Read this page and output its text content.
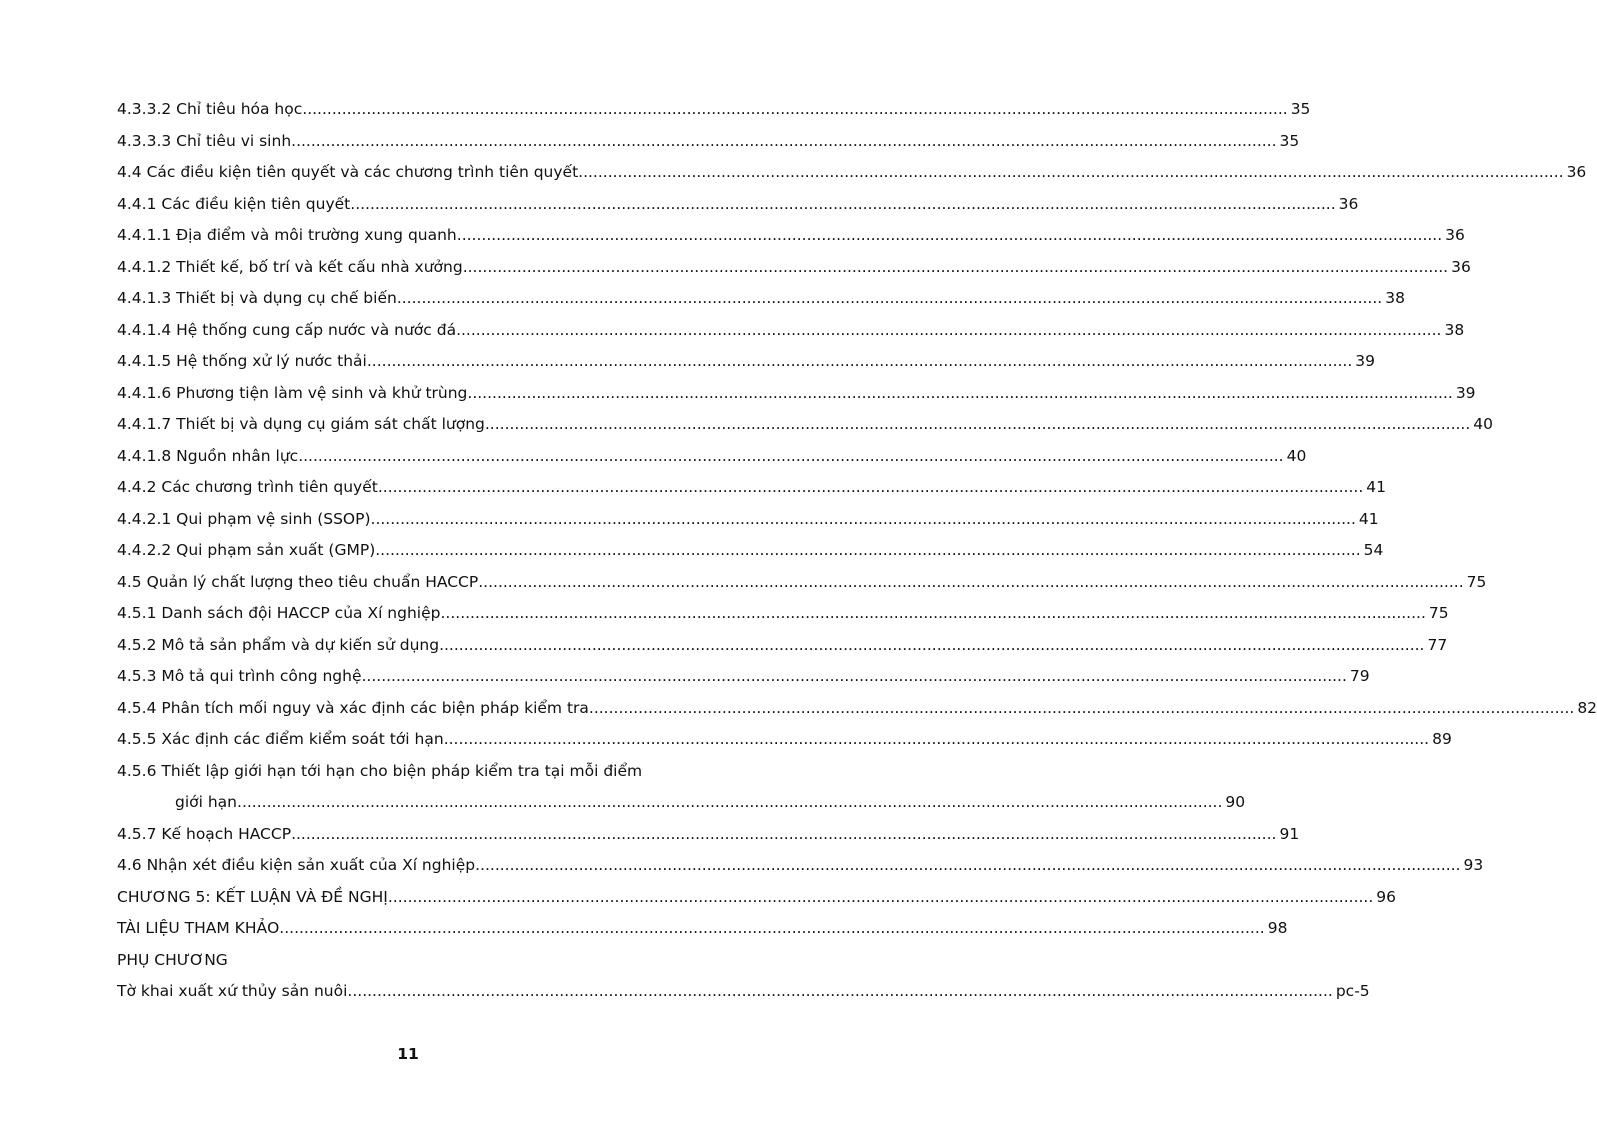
4.3.3.2 Chỉ tiêu hóa học ........................................................................................................................................................................................................ 35
4.3.3.3 Chỉ tiêu vi sinh ........................................................................................................................................................................................................ 35
4.4 Các điều kiện tiên quyết và các chương trình tiên quyết ........................................................................................................................................................................................................ 36
4.4.1 Các điều kiện tiên quyết ........................................................................................................................................................................................................ 36
4.4.1.1 Địa điểm và môi trường xung quanh ........................................................................................................................................................................................................ 36
4.4.1.2 Thiết kế, bố trí và kết cấu nhà xưởng ........................................................................................................................................................................................................ 36
4.4.1.3 Thiết bị và dụng cụ chế biến ........................................................................................................................................................................................................ 38
4.4.1.4 Hệ thống cung cấp nước và nước đá ........................................................................................................................................................................................................ 38
4.4.1.5 Hệ thống xử lý nước thải ........................................................................................................................................................................................................ 39
4.4.1.6 Phương tiện làm vệ sinh và khử trùng ........................................................................................................................................................................................................ 39
4.4.1.7 Thiết bị và dụng cụ giám sát chất lượng ........................................................................................................................................................................................................ 40
4.4.1.8 Nguồn nhân lực ........................................................................................................................................................................................................ 40
4.4.2 Các chương trình tiên quyết ........................................................................................................................................................................................................ 41
4.4.2.1 Qui phạm vệ sinh (SSOP) ........................................................................................................................................................................................................ 41
4.4.2.2 Qui phạm sản xuất (GMP) ........................................................................................................................................................................................................ 54
4.5 Quản lý chất lượng theo tiêu chuẩn HACCP ........................................................................................................................................................................................................ 75
4.5.1 Danh sách đội HACCP của Xí nghiệp ........................................................................................................................................................................................................ 75
4.5.2 Mô tả sản phẩm và dự kiến sử dụng ........................................................................................................................................................................................................ 77
4.5.3 Mô tả qui trình công nghệ ........................................................................................................................................................................................................ 79
4.5.4 Phân tích mối nguy và xác định các biện pháp kiểm tra ........................................................................................................................................................................................................ 82
4.5.5 Xác định các điểm kiểm soát tới hạn ........................................................................................................................................................................................................ 89
4.5.6 Thiết lập giới hạn tới hạn cho biện pháp kiểm tra tại mỗi điểm
giới hạn ........................................................................................................................................................................................................ 90
4.5.7 Kế hoạch HACCP ........................................................................................................................................................................................................ 91
4.6 Nhận xét điều kiện sản xuất của Xí nghiệp ........................................................................................................................................................................................................ 93
CHƯƠNG 5: KẾT LUẬN VÀ ĐỀ NGHỊ ........................................................................................................................................................................................................ 96
TÀI LIỆU THAM KHẢO ........................................................................................................................................................................................................ 98
PHỤ CHƯƠNG
Tờ khai xuất xứ thủy sản nuôi ........................................................................................................................................................................................................ pc-5
11
